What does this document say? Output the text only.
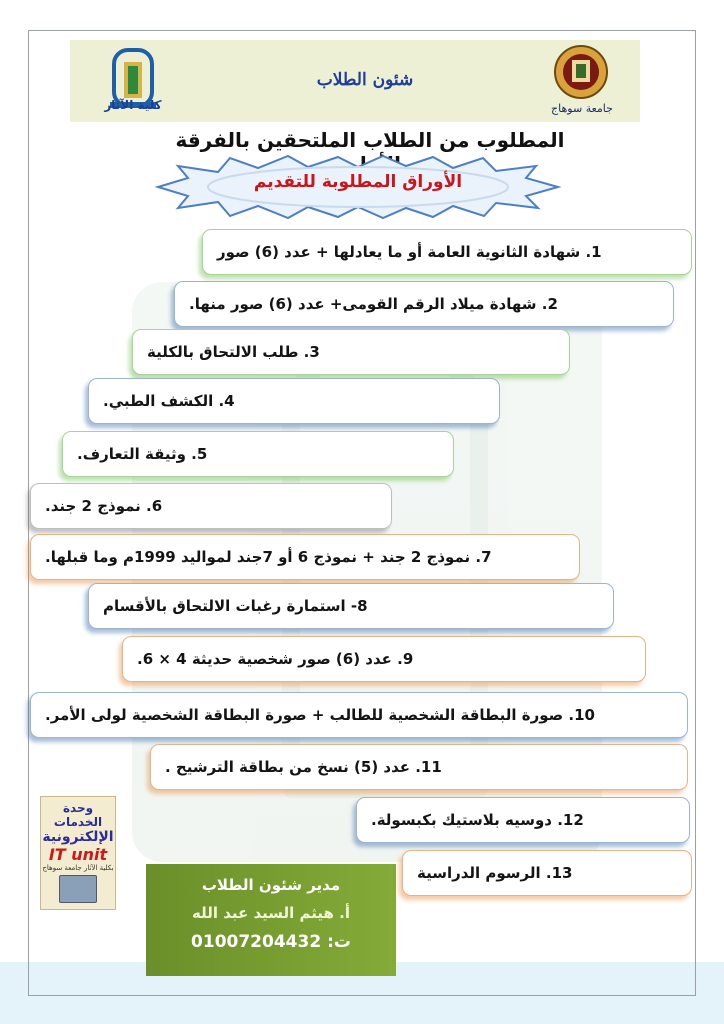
كلية الآثار
شئون الطلاب
جامعة سوهاج
المطلوب من الطلاب الملتحقين بالفرقة
الأوراق المطلوبة للتقديم
1. شهادة الثانوية العامة أو ما يعادلها + عدد (6) صور
2. شهادة ميلاد الرقم القومى+ عدد (6) صور منها.
3. طلب الالتحاق بالكلية
4. الكشف الطبي.
5. وثيقة التعارف.
6. نموذج 2 جند.
7. نموذج 2 جند + نموذج 6 أو 7جند لمواليد 1999م وما قبلها.
8- استمارة رغبات الالتحاق بالأقسام
9. عدد (6) صور شخصية حديثة 4 × 6.
10. صورة البطاقة الشخصية للطالب + صورة البطاقة الشخصية لولى الأمر.
11. عدد (5) نسخ من بطاقة الترشيح .
12. دوسيه بلاستيك بكبسولة.
13. الرسوم الدراسية
وحدة الخدمات
الإلكترونية
IT unit
بكلية الآثار جامعة سوهاج
مدير شئون الطلاب
أ. هيثم السيد عبد الله
ت: 01007204432
